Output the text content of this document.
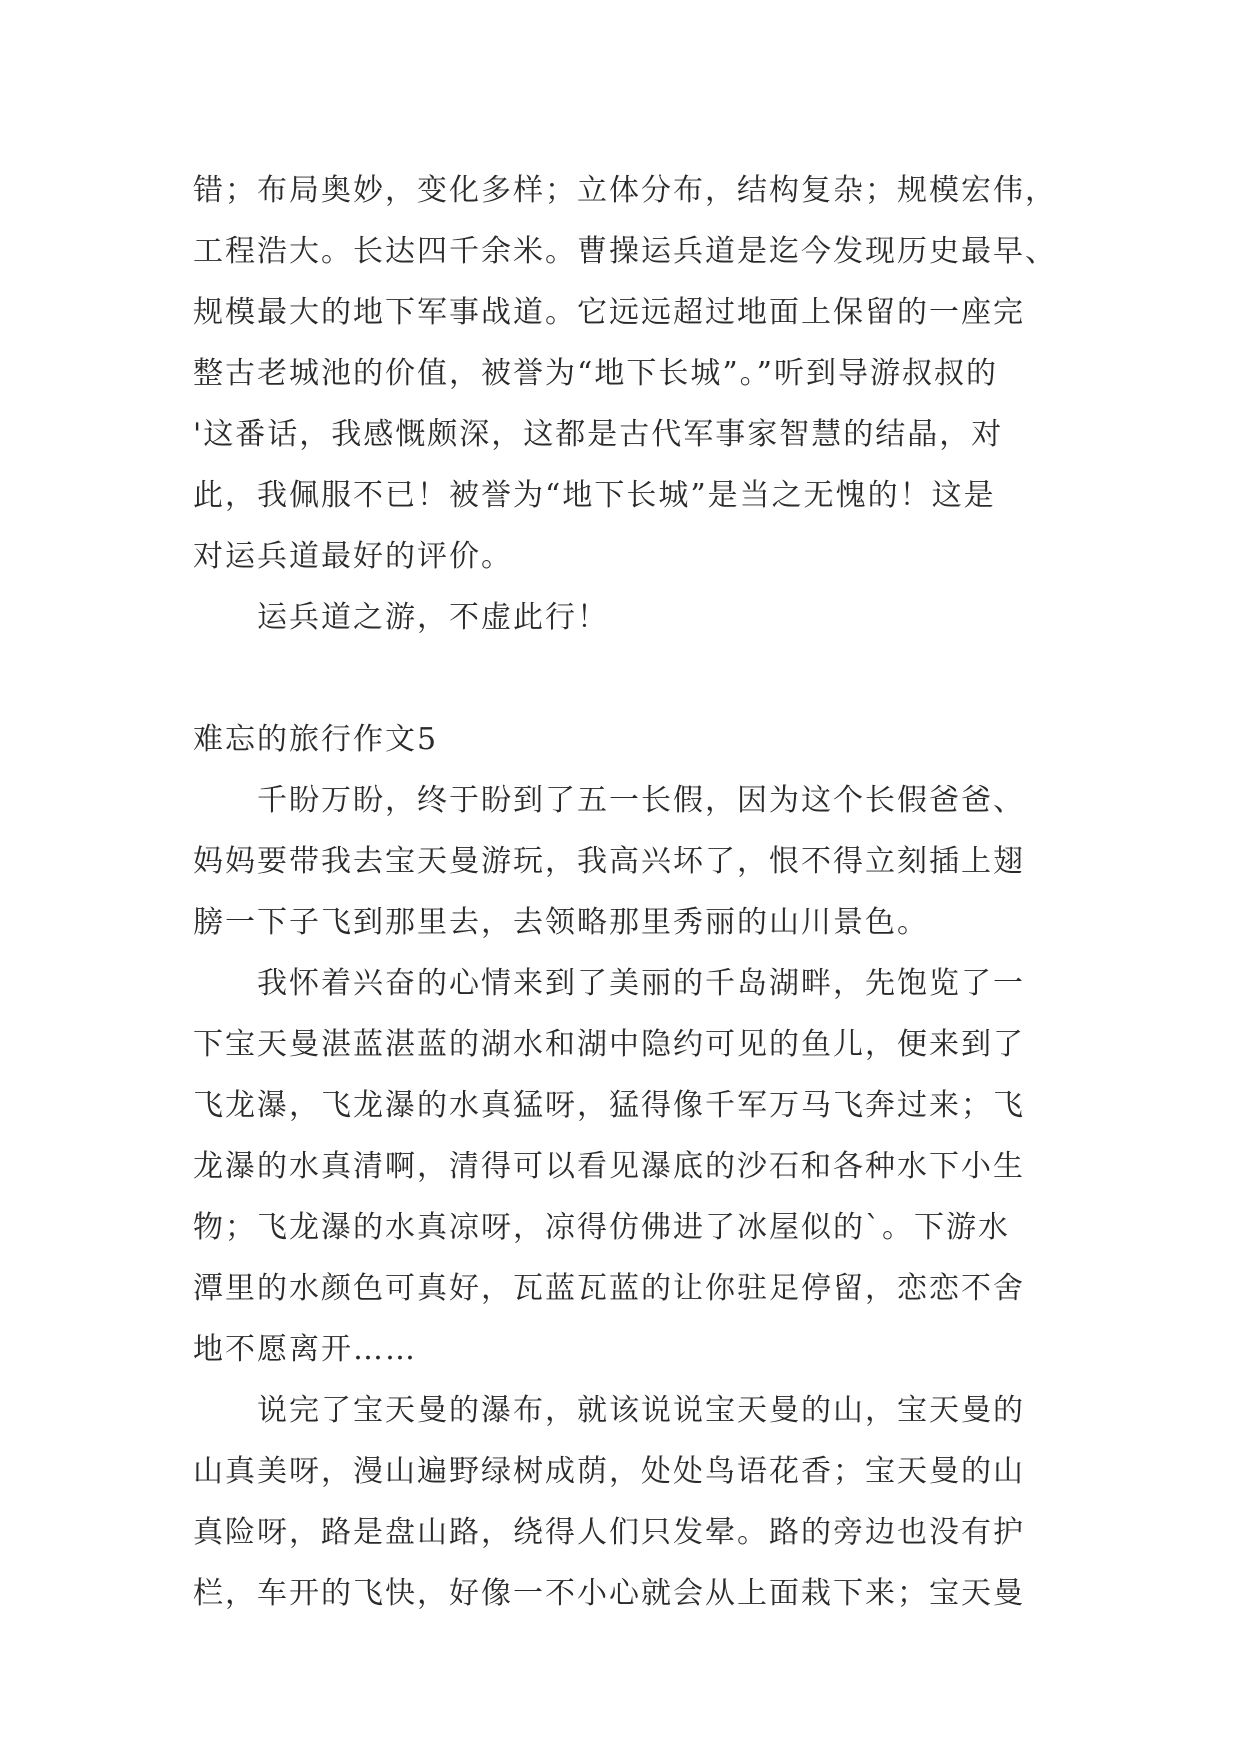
错；布局奥妙，变化多样；立体分布，结构复杂；规模宏伟，
工程浩大。长达四千余米。曹操运兵道是迄今发现历史最早、
规模最大的地下军事战道。它远远超过地面上保留的一座完
整古老城池的价值，被誉为“地下长城”。”听到导游叔叔的
'这番话，我感慨颇深，这都是古代军事家智慧的结晶，对
此，我佩服不已！被誉为“地下长城”是当之无愧的！这是
对运兵道最好的评价。
运兵道之游，不虚此行！
难忘的旅行作文5
千盼万盼，终于盼到了五一长假，因为这个长假爸爸、
妈妈要带我去宝天曼游玩，我高兴坏了，恨不得立刻插上翅
膀一下子飞到那里去，去领略那里秀丽的山川景色。
我怀着兴奋的心情来到了美丽的千岛湖畔，先饱览了一
下宝天曼湛蓝湛蓝的湖水和湖中隐约可见的鱼儿，便来到了
飞龙瀑，飞龙瀑的水真猛呀，猛得像千军万马飞奔过来；飞
龙瀑的水真清啊，清得可以看见瀑底的沙石和各种水下小生
物；飞龙瀑的水真凉呀，凉得仿佛进了冰屋似的`。下游水
潭里的水颜色可真好，瓦蓝瓦蓝的让你驻足停留，恋恋不舍
地不愿离开……
说完了宝天曼的瀑布，就该说说宝天曼的山，宝天曼的
山真美呀，漫山遍野绿树成荫，处处鸟语花香；宝天曼的山
真险呀，路是盘山路，绕得人们只发晕。路的旁边也没有护
栏，车开的飞快，好像一不小心就会从上面栽下来；宝天曼
